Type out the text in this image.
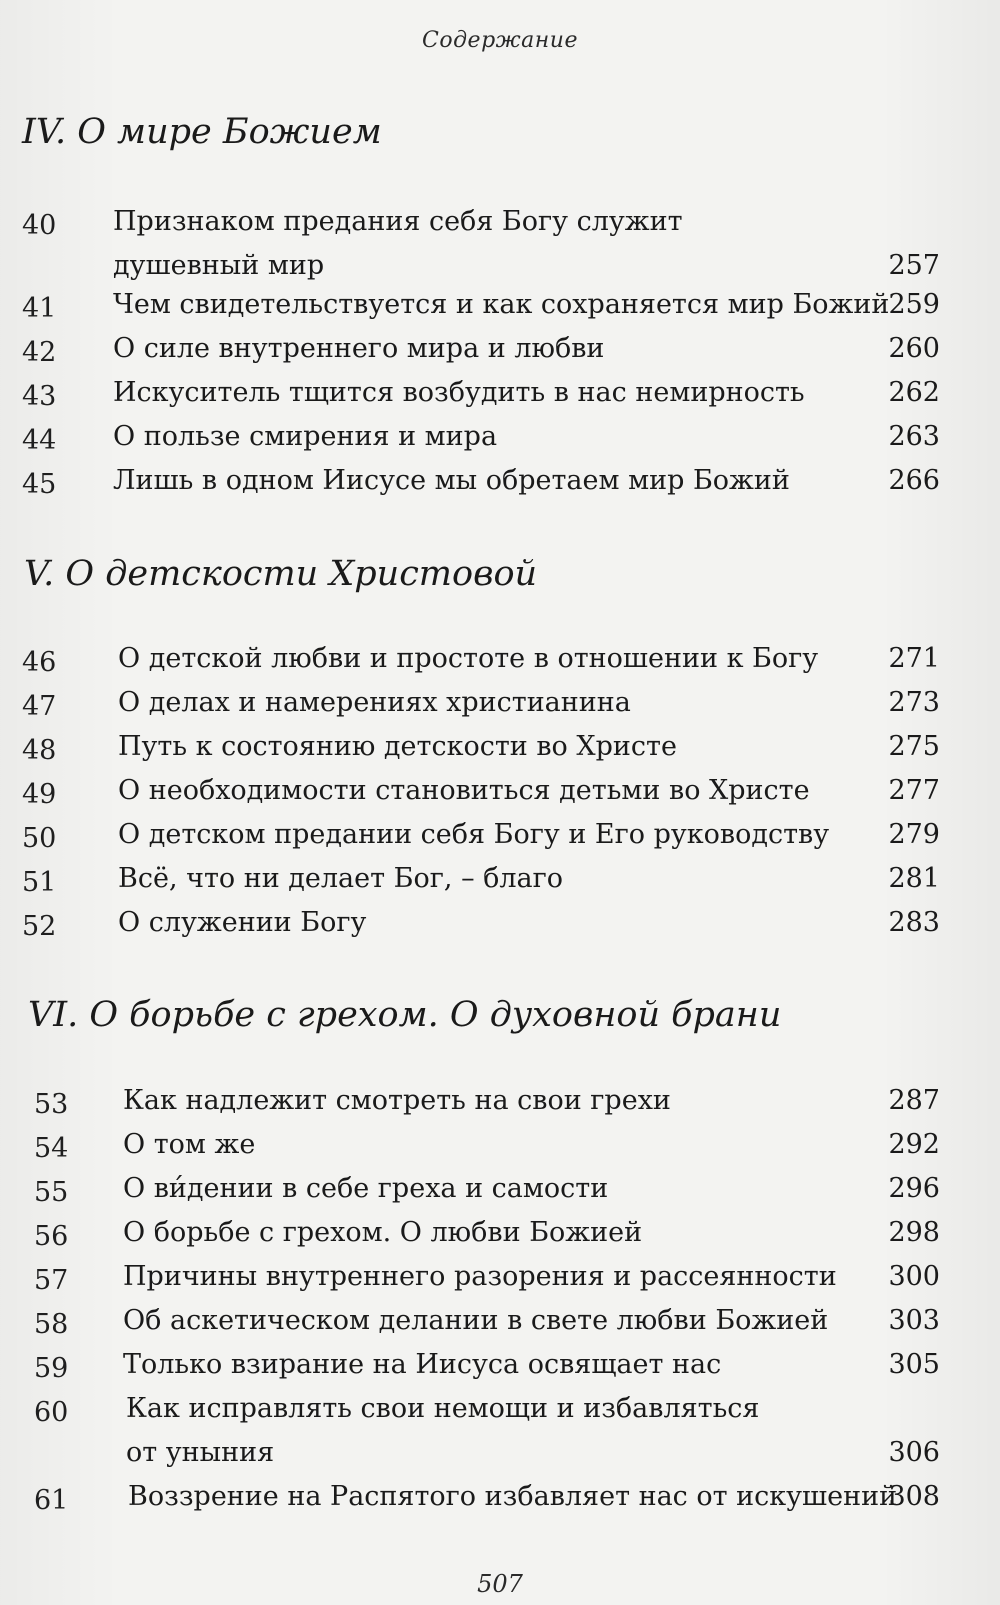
Содержание
IV. О мире Божием
40 Признаком предания себя Богу служит
душевный мир	257
41 Чем свидетельствуется и как сохраняется мир Божий 259
42 О силе внутреннего мира и любви	260
43 Искуситель тщится возбудить в нас немирность	262
44 О пользе смирения и мира	263
45 Лишь в одном Иисусе мы обретаем мир Божий	266
V. О детскости Христовой
46 О детской любви и простоте в отношении к Богу	271
47 О делах и намерениях христианина	273
48 Путь к состоянию детскости во Христе	275
49 О необходимости становиться детьми во Христе	277
50 О детском предании себя Богу и Его руководству 279
51 Всё, что ни делает Бог, – благо	281
52 О служении Богу	283
VI. О борьбе с грехом. О духовной брани
53 Как надлежит смотреть на свои грехи	287
54 О том же	292
55 О ви́дении в себе греха и самости	296
56 О борьбе с грехом. О любви Божией	298
57 Причины внутреннего разорения и рассеянности 300
58 Об аскетическом делании в свете любви Божией 303
59 Только взирание на Иисуса освящает нас	305
60 Как исправлять свои немощи и избавляться
от уныния	306
61 Воззрение на Распятого избавляет нас от искушений
308
507
